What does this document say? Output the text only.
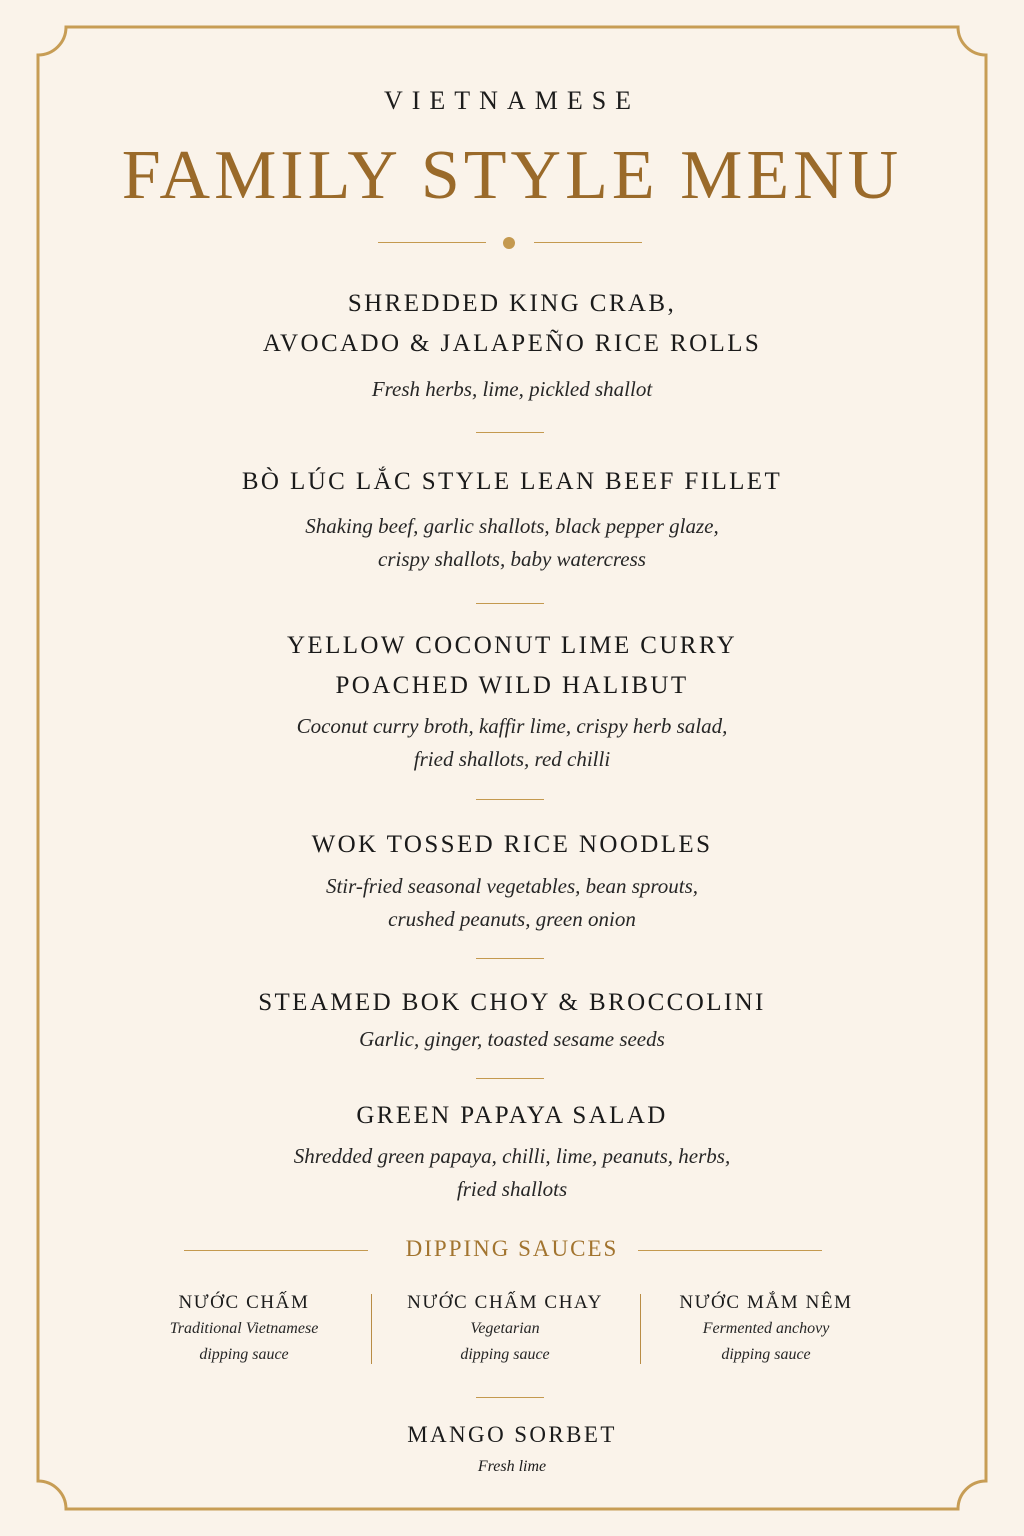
VIETNAMESE
FAMILY STYLE MENU
SHREDDED KING CRAB,
AVOCADO & JALAPEÑO RICE ROLLS
Fresh herbs, lime, pickled shallot
BÒ LÚC LẮC STYLE LEAN BEEF FILLET
Shaking beef, garlic shallots, black pepper glaze,
crispy shallots, baby watercress
YELLOW COCONUT LIME CURRY
POACHED WILD HALIBUT
Coconut curry broth, kaffir lime, crispy herb salad,
fried shallots, red chilli
WOK TOSSED RICE NOODLES
Stir-fried seasonal vegetables, bean sprouts,
crushed peanuts, green onion
STEAMED BOK CHOY & BROCCOLINI
Garlic, ginger, toasted sesame seeds
GREEN PAPAYA SALAD
Shredded green papaya, chilli, lime, peanuts, herbs,
fried shallots
DIPPING SAUCES
NƯỚC CHẤM
Traditional Vietnamese
dipping sauce
NƯỚC CHẤM CHAY
Vegetarian
dipping sauce
NƯỚC MẮM NÊM
Fermented anchovy
dipping sauce
MANGO SORBET
Fresh lime
